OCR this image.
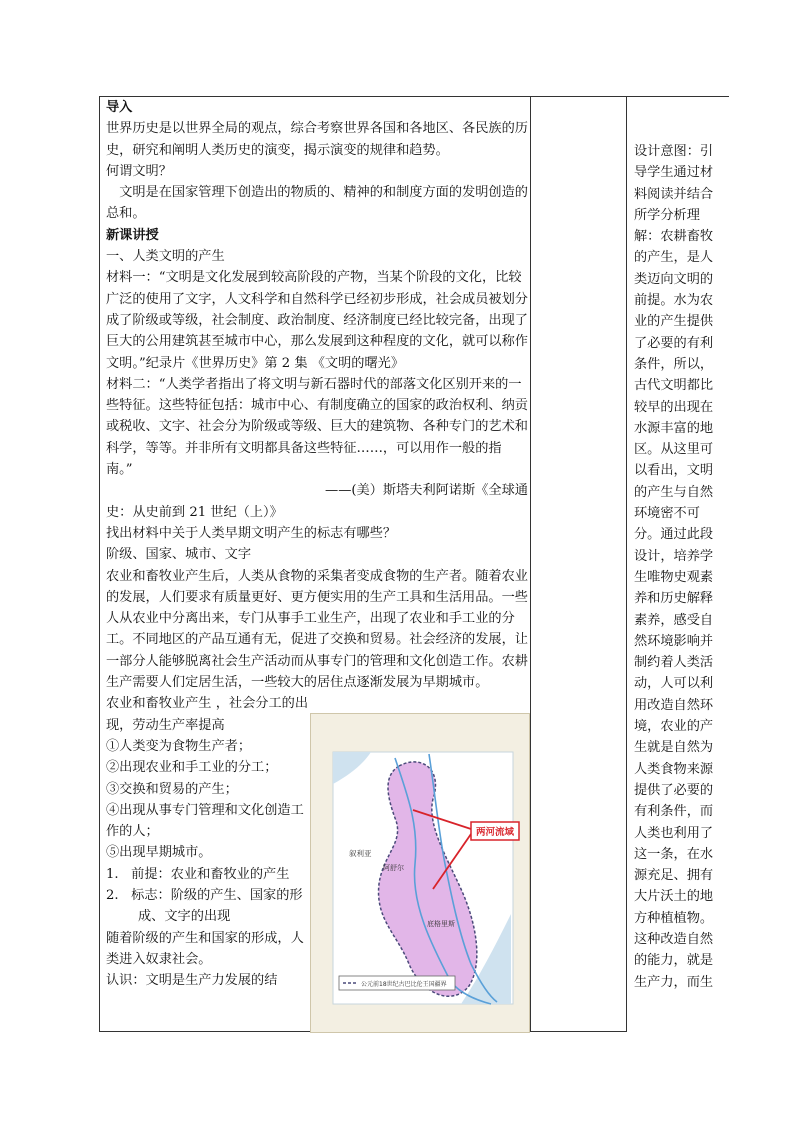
导入

世界历史是以世界全局的观点，综合考察世界各国和各地区、各民族的历史，研究和阐明人类历史的演变，揭示演变的规律和趋势。

何谓文明？

文明是在国家管理下创造出的物质的、精神的和制度方面的发明创造的总和。

新课讲授

一、人类文明的产生

材料一：“文明是文化发展到较高阶段的产物，当某个阶段的文化，比较广泛的使用了文字，人文科学和自然科学已经初步形成，社会成员被划分成了阶级或等级，社会制度、政治制度、经济制度已经比较完备，出现了巨大的公用建筑甚至城市中心，那么发展到这种程度的文化，就可以称作文明。”纪录片《世界历史》第 2 集 《文明的曙光》

材料二：“人类学者指出了将文明与新石器时代的部落文化区别开来的一些特征。这些特征包括：城市中心、有制度确立的国家的政治权利、纳贡或税收、文字、社会分为阶级或等级、巨大的建筑物、各种专门的艺术和科学，等等。并非所有文明都具备这些特征……，可以用作一般的指南。”

——(美）斯塔夫利阿诺斯《全球通

史：从史前到 21 世纪（上）》

找出材料中关于人类早期文明产生的标志有哪些？

阶级、国家、城市、文字

农业和畜牧业产生后，人类从食物的采集者变成食物的生产者。随着农业的发展，人们要求有质量更好、更方便实用的生产工具和生活用品。一些人从农业中分离出来，专门从事手工业生产，出现了农业和手工业的分工。不同地区的产品互通有无，促进了交换和贸易。社会经济的发展，让一部分人能够脱离社会生产活动而从事专门的管理和文化创造工作。农耕生产需要人们定居生活，一些较大的居住点逐渐发展为早期城市。

农业和畜牧业产生 ，社会分工的出现，劳动生产率提高

①人类变为食物生产者；

②出现农业和手工业的分工；

③交换和贸易的产生；

④出现从事专门管理和文化创造工作的人；

⑤出现早期城市。

1. 前提：农业和畜牧业的产生

2. 标志：阶级的产生、国家的形成、文字的出现

随着阶级的产生和国家的形成，人类进入奴隶社会。

认识：文明是生产力发展的结

两河流域
叙利亚
阿舒尔
底格里斯
公元前18世纪古巴比伦王国疆界

设计意图：引导学生通过材料阅读并结合所学分析理解：农耕畜牧的产生，是人类迈向文明的前提。水为农业的产生提供了必要的有利条件，所以，古代文明都比较早的出现在水源丰富的地区。从这里可以看出，文明的产生与自然环境密不可分。通过此段设计，培养学生唯物史观素养和历史解释素养，感受自然环境影响并制约着人类活动，人可以利用改造自然环境，农业的产生就是自然为人类食物来源提供了必要的有利条件，而人类也利用了这一条，在水源充足、拥有大片沃土的地方种植植物。这种改造自然的能力，就是生产力，而生
